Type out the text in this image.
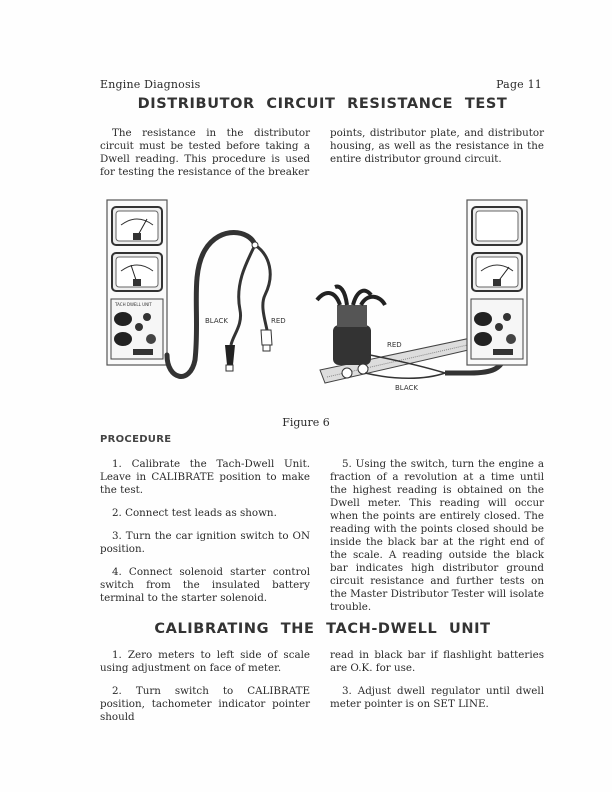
Engine Diagnosis	Page 11
DISTRIBUTOR CIRCUIT RESISTANCE TEST

The resistance in the distributor circuit must be tested before taking a Dwell reading. This procedure is used for testing the resistance of the breaker

points, distributor plate, and distributor housing, as well as the resistance in the entire distributor ground circuit.

TACH DWELL UNIT
BLACK	RED
RED
BLACK
Figure 6
PROCEDURE

1. Calibrate the Tach-Dwell Unit. Leave in CALIBRATE position to make the test.

2. Connect test leads as shown.

3. Turn the car ignition switch to ON position.

4. Connect solenoid starter control switch from the insulated battery terminal to the starter solenoid.

5. Using the switch, turn the engine a fraction of a revolution at a time until the highest reading is obtained on the Dwell meter. This reading will occur when the points are entirely closed. The reading with the points closed should be inside the black bar at the right end of the scale. A reading outside the black bar indicates high distributor ground circuit resistance and further tests on the Master Distributor Tester will isolate trouble.

CALIBRATING THE TACH-DWELL UNIT

1. Zero meters to left side of scale using adjustment on face of meter.

2. Turn switch to CALIBRATE position, tachometer indicator pointer should

read in black bar if flashlight batteries are O.K. for use.

3. Adjust dwell regulator until dwell meter pointer is on SET LINE.
